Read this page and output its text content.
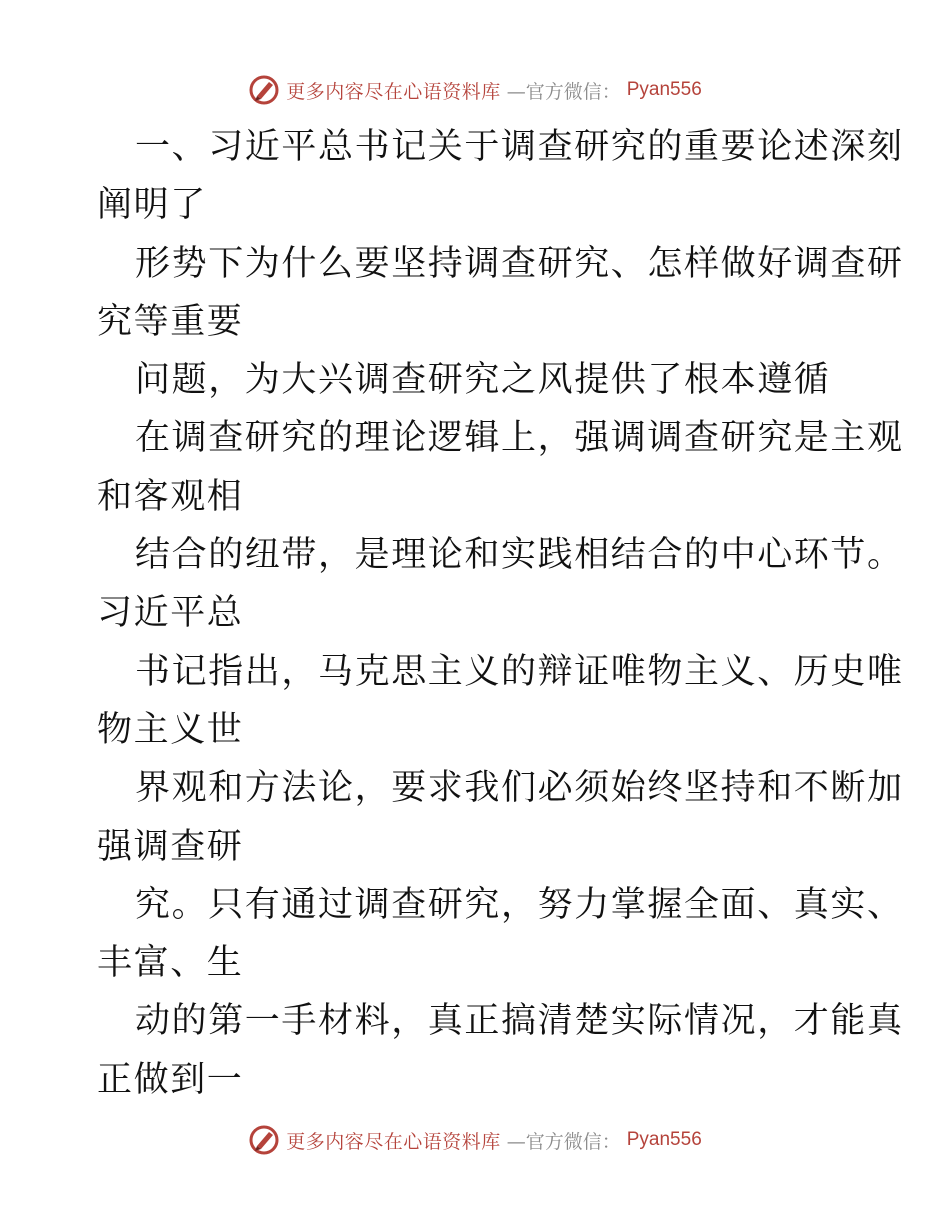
更多内容尽在心语资料库 —官方微信： Pyan556
一、习近平总书记关于调查研究的重要论述深刻
阐明了
形势下为什么要坚持调查研究、怎样做好调查研
究等重要
问题，为大兴调查研究之风提供了根本遵循
在调查研究的理论逻辑上，强调调查研究是主观
和客观相
结合的纽带，是理论和实践相结合的中心环节。
习近平总
书记指出，马克思主义的辩证唯物主义、历史唯
物主义世
界观和方法论，要求我们必须始终坚持和不断加
强调查研
究。只有通过调查研究，努力掌握全面、真实、
丰富、生
动的第一手材料，真正搞清楚实际情况，才能真
正做到一
更多内容尽在心语资料库 —官方微信： Pyan556
